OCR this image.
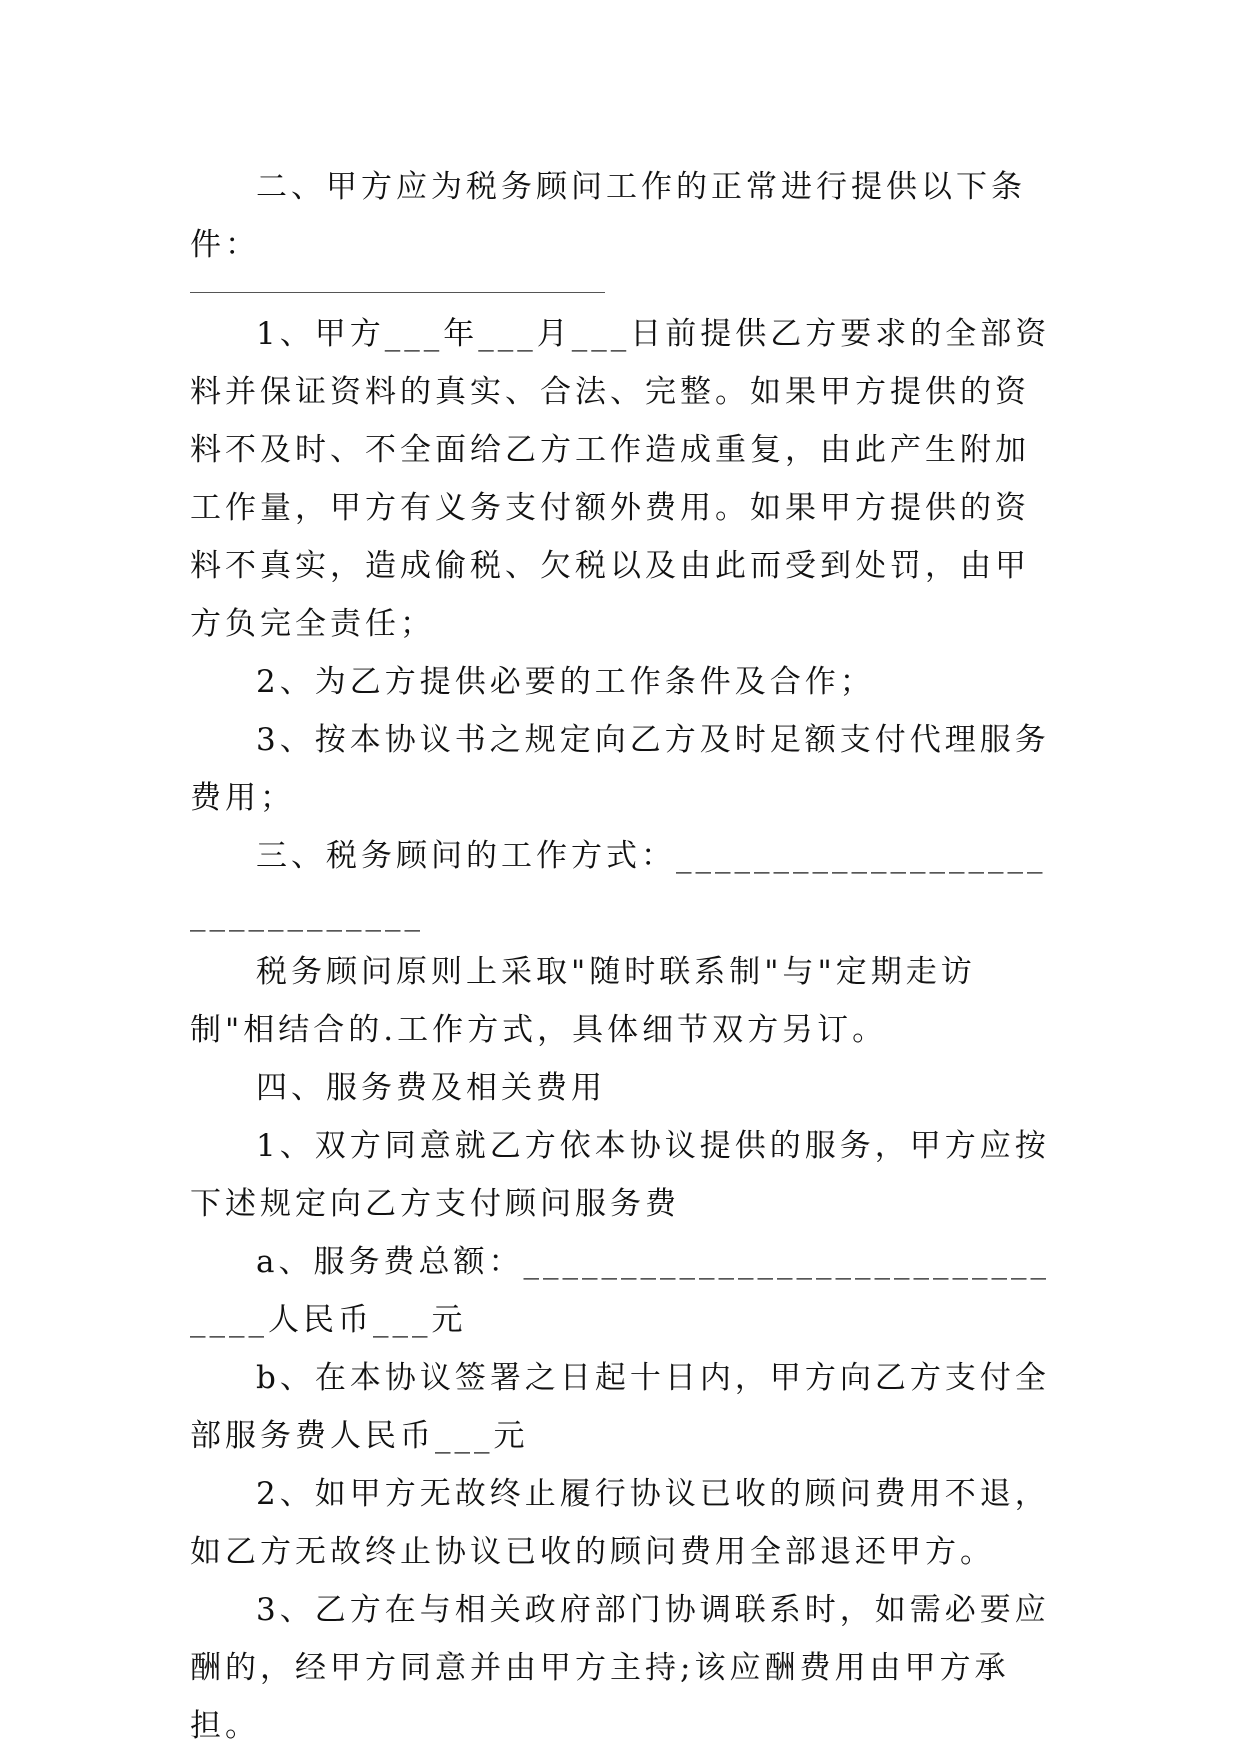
二、甲方应为税务顾问工作的正常进行提供以下条件：

1、甲方___年___月___日前提供乙方要求的全部资料并保证资料的真实、合法、完整。如果甲方提供的资料不及时、不全面给乙方工作造成重复，由此产生附加工作量，甲方有义务支付额外费用。如果甲方提供的资料不真实，造成偷税、欠税以及由此而受到处罚，由甲方负完全责任；

2、为乙方提供必要的工作条件及合作；

3、按本协议书之规定向乙方及时足额支付代理服务费用；

三、税务顾问的工作方式：_______________________________

税务顾问原则上采取"随时联系制"与"定期走访制"相结合的.工作方式，具体细节双方另订。

四、服务费及相关费用

1、双方同意就乙方依本协议提供的服务，甲方应按下述规定向乙方支付顾问服务费

a、服务费总额：_______________________________人民币___元

b、在本协议签署之日起十日内，甲方向乙方支付全部服务费人民币___元

2、如甲方无故终止履行协议已收的顾问费用不退，如乙方无故终止协议已收的顾问费用全部退还甲方。

3、乙方在与相关政府部门协调联系时，如需必要应酬的，经甲方同意并由甲方主持;该应酬费用由甲方承担。
